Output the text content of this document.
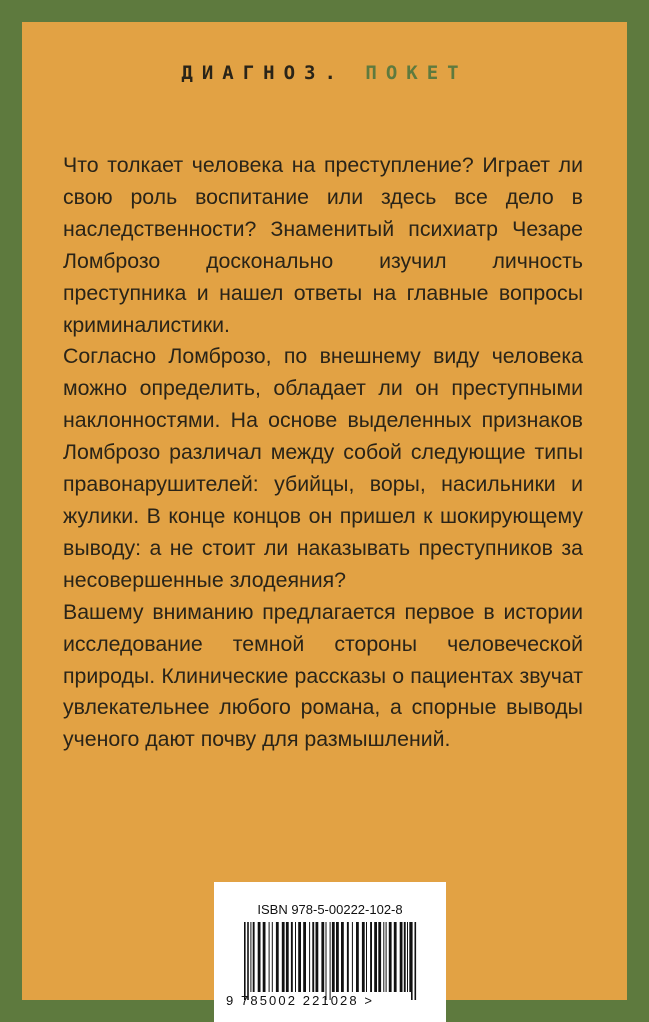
ДИАГНОЗ. ПОКЕТ

Что толкает человека на преступление? Играет ли свою роль воспитание или здесь все дело в наследственности? Знаменитый психиатр Чезаре Ломброзо досконально изучил личность преступника и нашел ответы на главные вопросы криминалистики.

Согласно Ломброзо, по внешнему виду человека можно определить, обладает ли он преступными наклонностями. На основе выделенных признаков Ломброзо различал между собой следующие типы правонарушителей: убийцы, воры, насильники и жулики. В конце концов он пришел к шокирующему выводу: а не стоит ли наказывать преступников за несовершенные злодеяния?

Вашему вниманию предлагается первое в истории исследование темной стороны человеческой природы. Клинические рассказы о пациентах звучат увлекательнее любого романа, а спорные выводы ученого дают почву для размышлений.

ISBN 978-5-00222-102-8
9 785002 221028 >
